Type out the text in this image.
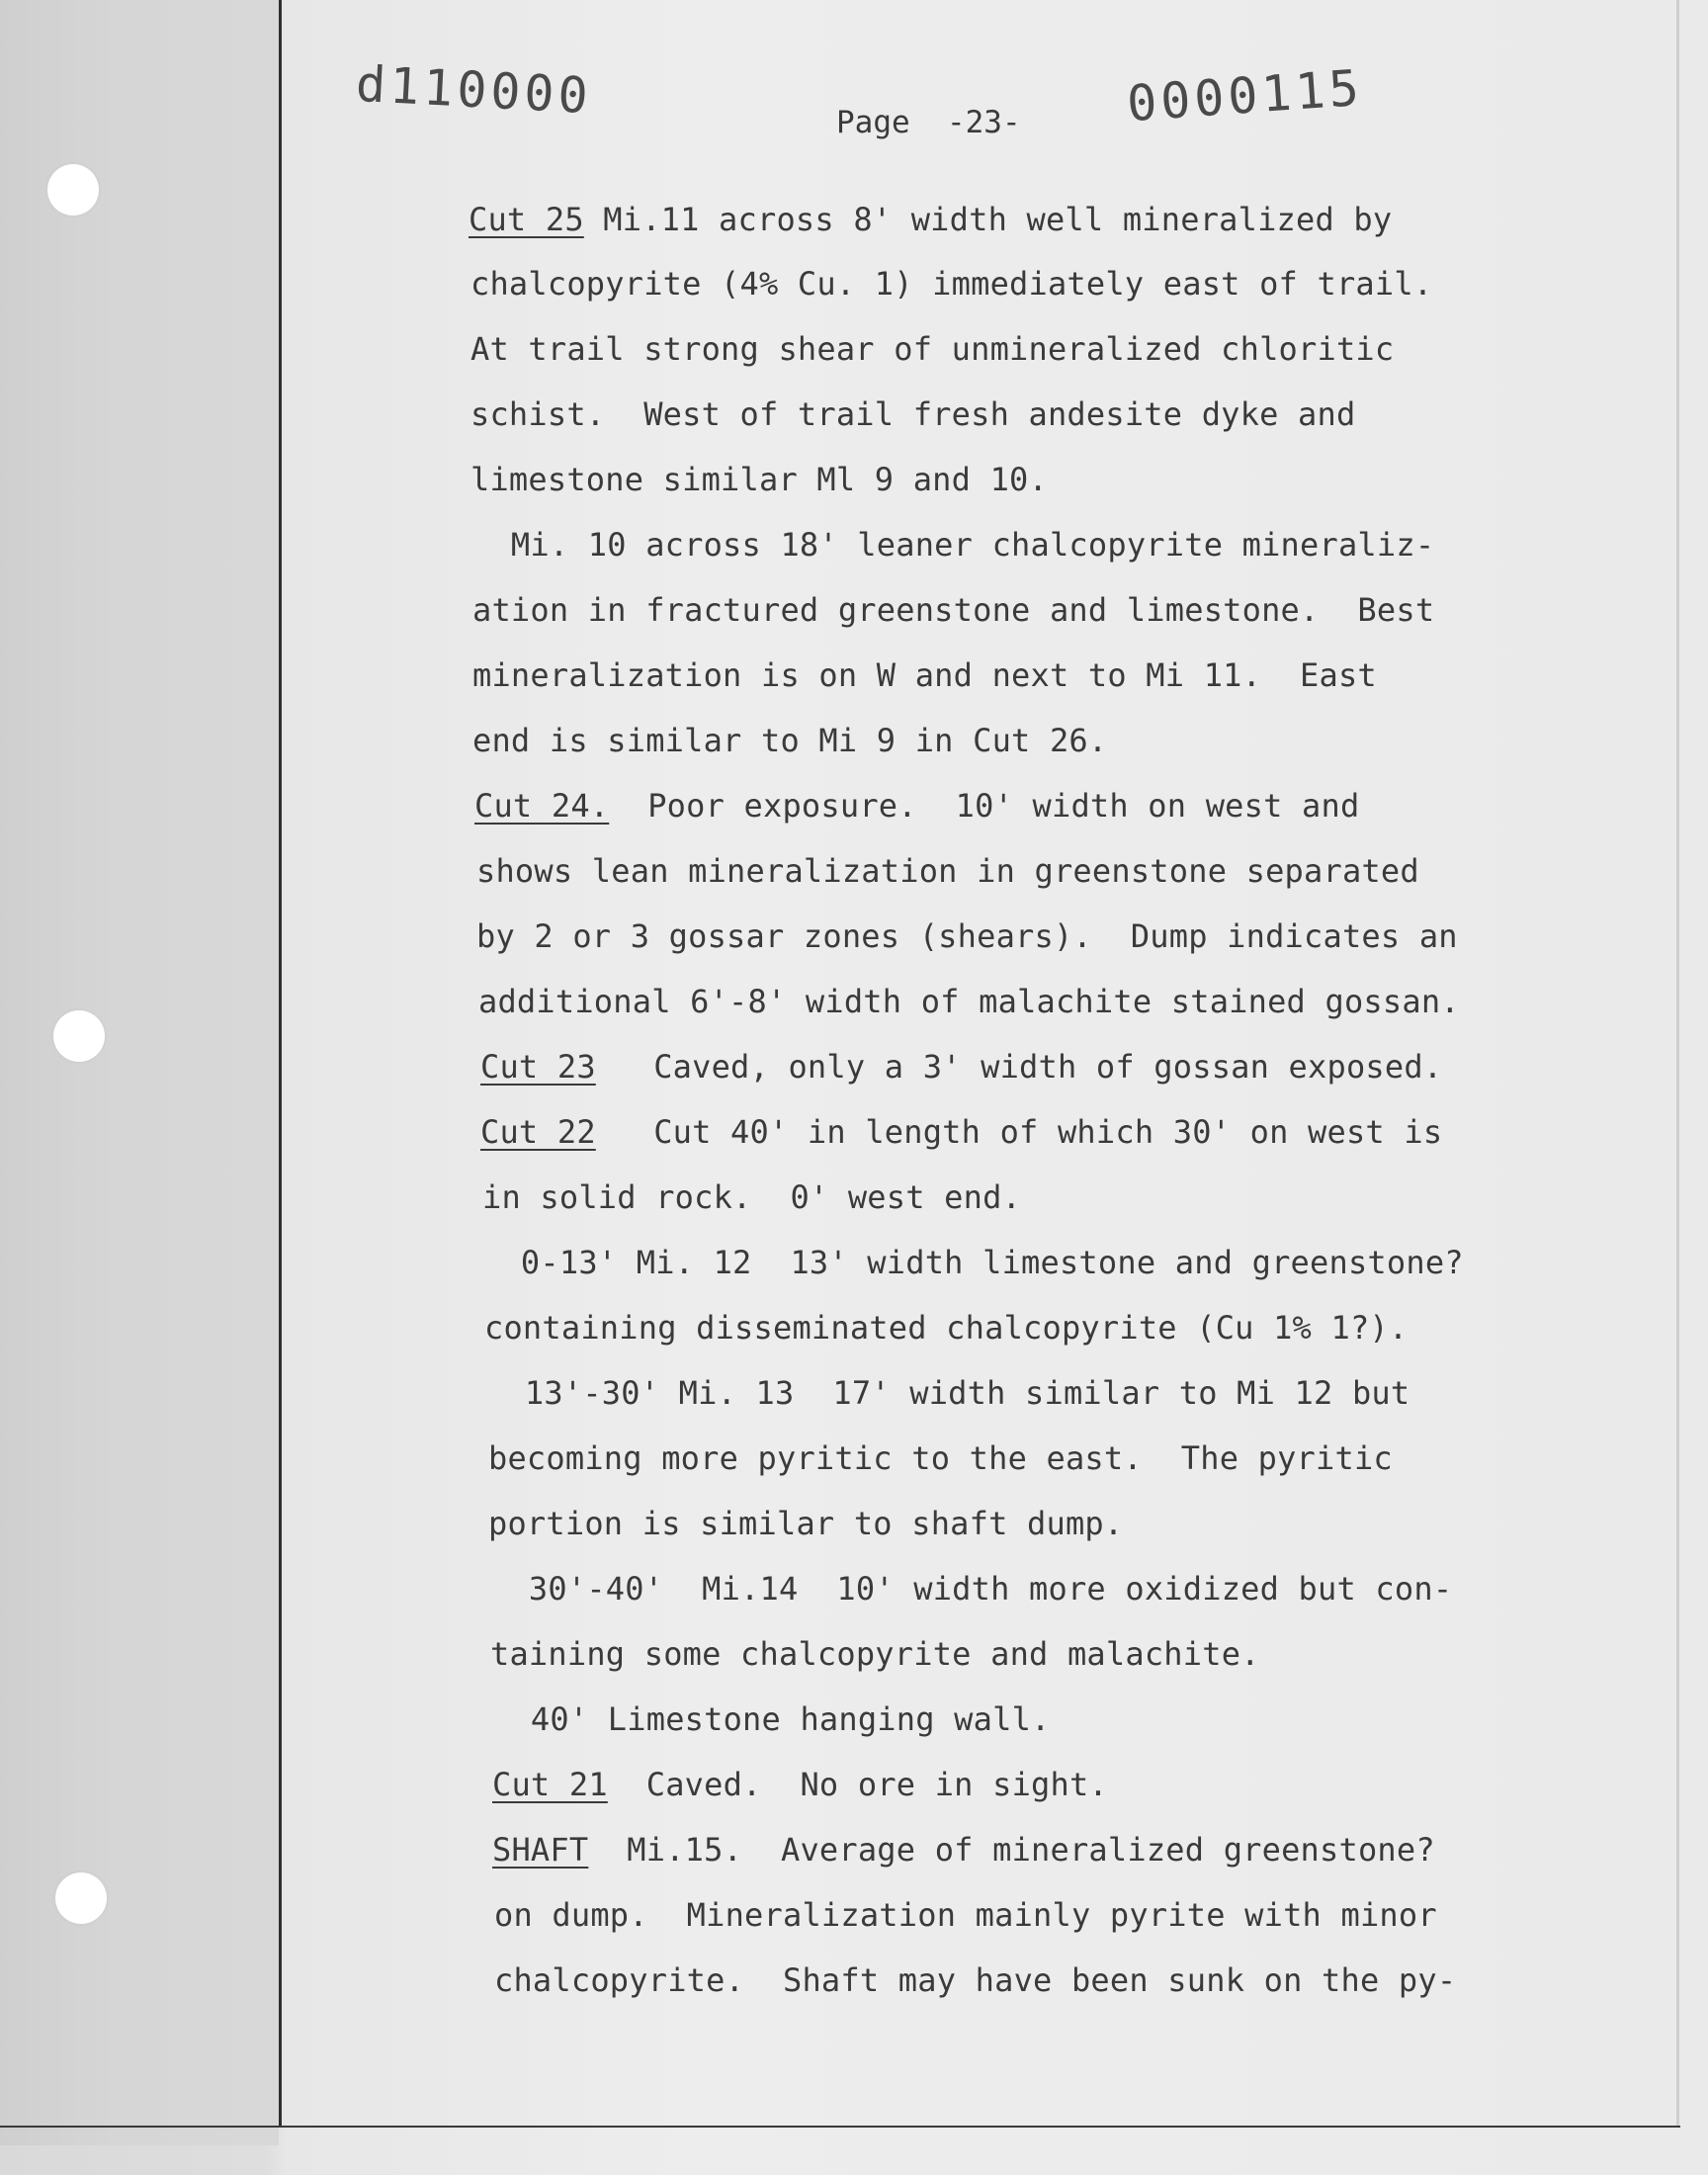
d110000	0000115
Page  -23-
Cut 25 Mi.11 across 8' width well mineralized by
chalcopyrite (4% Cu. 1) immediately east of trail.
At trail strong shear of unmineralized chloritic
schist.  West of trail fresh andesite dyke and
limestone similar Ml 9 and 10.
Mi. 10 across 18' leaner chalcopyrite mineraliz-
ation in fractured greenstone and limestone.  Best
mineralization is on W and next to Mi 11.  East
end is similar to Mi 9 in Cut 26.
Cut 24.  Poor exposure.  10' width on west and
shows lean mineralization in greenstone separated
by 2 or 3 gossar zones (shears).  Dump indicates an
additional 6'-8' width of malachite stained gossan.
Cut 23   Caved, only a 3' width of gossan exposed.
Cut 22   Cut 40' in length of which 30' on west is
in solid rock.  0' west end.
0-13' Mi. 12  13' width limestone and greenstone?
containing disseminated chalcopyrite (Cu 1% 1?).
13'-30' Mi. 13  17' width similar to Mi 12 but
becoming more pyritic to the east.  The pyritic
portion is similar to shaft dump.
30'-40'  Mi.14  10' width more oxidized but con-
taining some chalcopyrite and malachite.
40' Limestone hanging wall.
Cut 21  Caved.  No ore in sight.
SHAFT  Mi.15.  Average of mineralized greenstone?
on dump.  Mineralization mainly pyrite with minor
chalcopyrite.  Shaft may have been sunk on the py-
